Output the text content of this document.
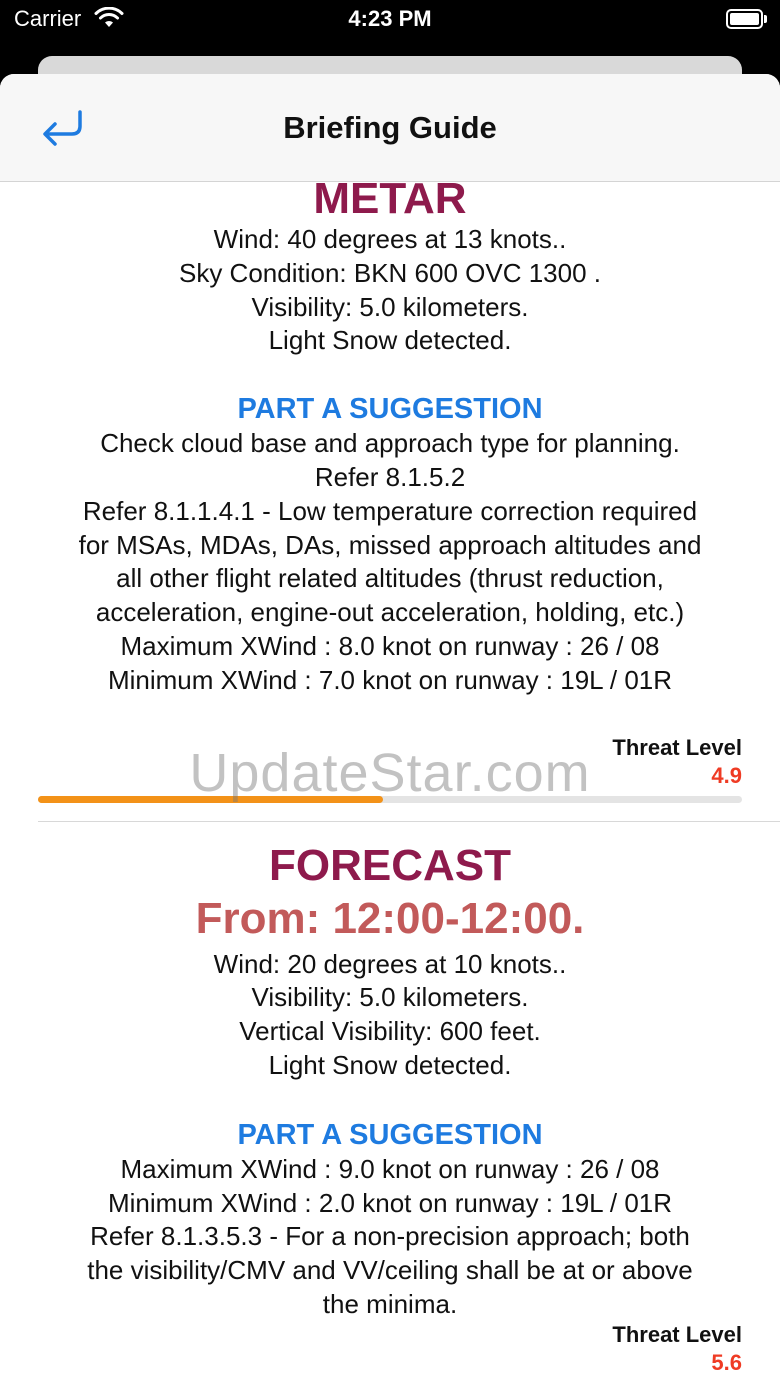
Carrier	4:23 PM
Briefing Guide
METAR
Wind: 40 degrees at 13 knots..
Sky Condition: BKN 600 OVC 1300 .
Visibility: 5.0 kilometers.
Light Snow detected.
PART A SUGGESTION
Check cloud base and approach type for planning.
Refer 8.1.5.2
Refer 8.1.1.4.1 - Low temperature correction required
for MSAs, MDAs, DAs, missed approach altitudes and
all other flight related altitudes (thrust reduction,
acceleration, engine-out acceleration, holding, etc.)
Maximum XWind : 8.0 knot on runway : 26 / 08
Minimum XWind : 7.0 knot on runway : 19L / 01R
Threat Level
4.9
FORECAST
From: 12:00-12:00.
Wind: 20 degrees at 10 knots..
Visibility: 5.0 kilometers.
Vertical Visibility: 600 feet.
Light Snow detected.
PART A SUGGESTION
Maximum XWind : 9.0 knot on runway : 26 / 08
Minimum XWind : 2.0 knot on runway : 19L / 01R
Refer 8.1.3.5.3 - For a non-precision approach; both
the visibility/CMV and VV/ceiling shall be at or above
the minima.
Threat Level
5.6
UpdateStar.com
